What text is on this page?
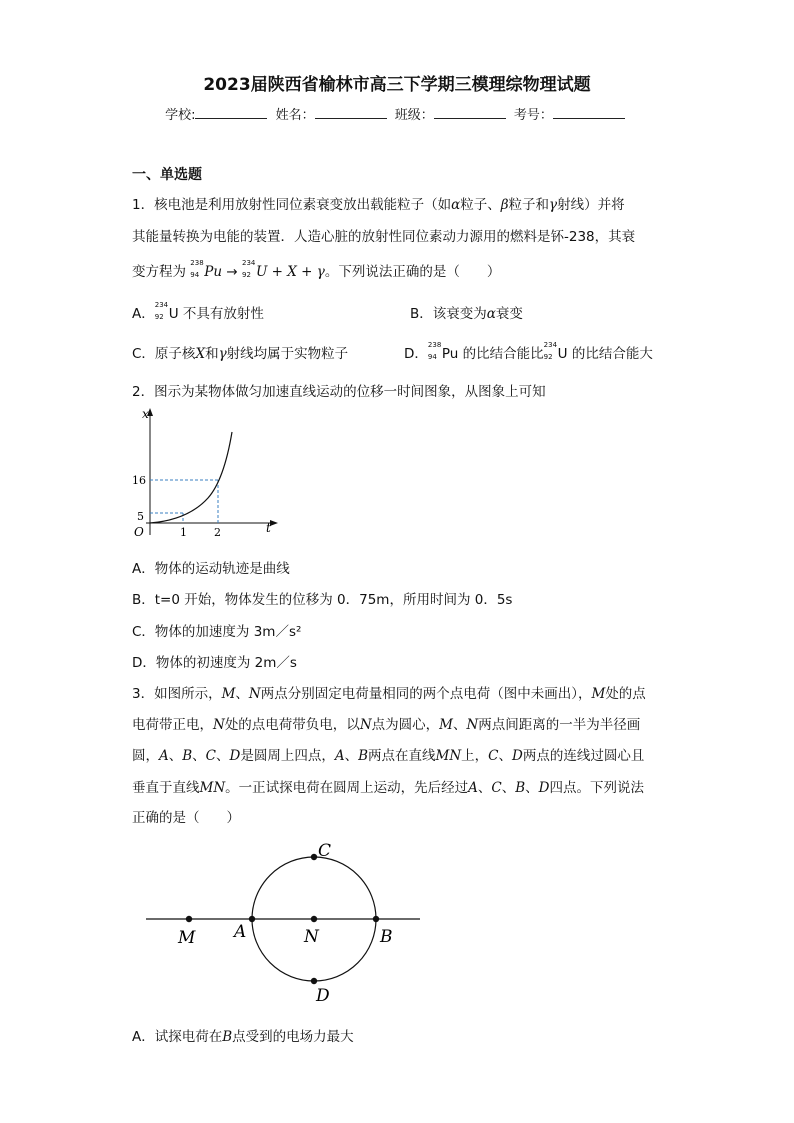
2023届陕西省榆林市高三下学期三模理综物理试题
学校:	姓名：	班级：	考号：
一、单选题
1．核电池是利用放射性同位素衰变放出载能粒子（如α粒子、β粒子和γ射线）并将
其能量转换为电能的装置．人造心脏的放射性同位素动力源用的燃料是钚-238，其衰
变方程为
238
94 Pu →
234
92 U + X + γ。下列说法正确的是（　　）
A．
234
92 U 不具有放射性	B．该衰变为α衰变
C．原子核X和γ射线均属于实物粒子	D．
238
94 Pu 的比结合能比
234
92 U 的比结合能大
2．图示为某物体做匀加速直线运动的位移一时间图象，从图象上可知
x
t
O
5
16
1 2
A．物体的运动轨迹是曲线
B．t=0 开始，物体发生的位移为 0．75m，所用时间为 0．5s
C．物体的加速度为 3m／s²
D．物体的初速度为 2m／s
3．如图所示，M、N两点分别固定电荷量相同的两个点电荷（图中未画出），M处的点
电荷带正电，N处的点电荷带负电，以N点为圆心，M、N两点间距离的一半为半径画
圆，A、B、C、D是圆周上四点，A、B两点在直线MN上，C、D两点的连线过圆心且
垂直于直线MN。一正试探电荷在圆周上运动，先后经过A、C、B、D四点。下列说法
正确的是（　　）
M A	N	B
C
D
A．试探电荷在B点受到的电场力最大
